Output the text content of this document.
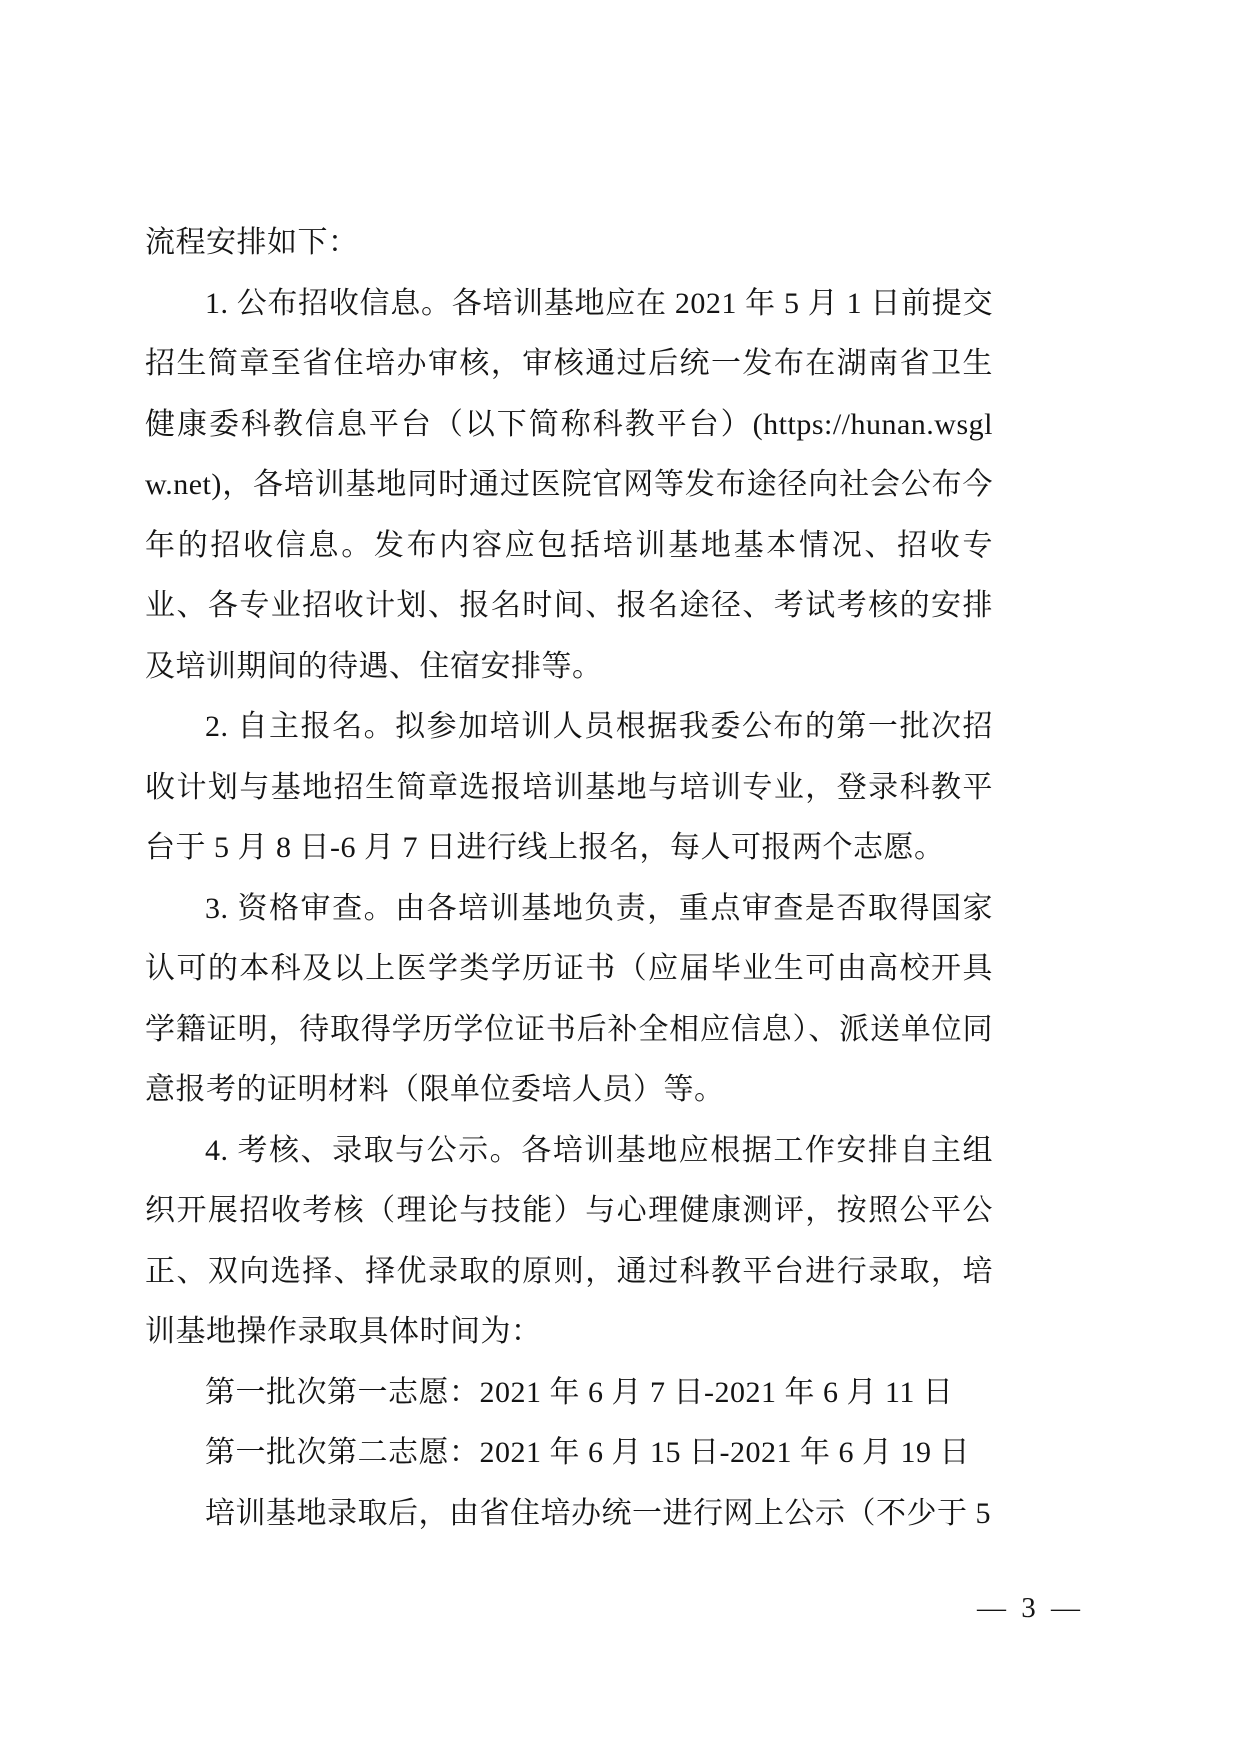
流程安排如下：

1. 公布招收信息。各培训基地应在 2021 年 5 月 1 日前提交招生简章至省住培办审核，审核通过后统一发布在湖南省卫生健康委科教信息平台（以下简称科教平台）(https://hunan.wsglw.net)，各培训基地同时通过医院官网等发布途径向社会公布今年的招收信息。发布内容应包括培训基地基本情况、招收专业、各专业招收计划、报名时间、报名途径、考试考核的安排及培训期间的待遇、住宿安排等。

2. 自主报名。拟参加培训人员根据我委公布的第一批次招收计划与基地招生简章选报培训基地与培训专业，登录科教平台于 5 月 8 日-6 月 7 日进行线上报名，每人可报两个志愿。

3. 资格审查。由各培训基地负责，重点审查是否取得国家认可的本科及以上医学类学历证书（应届毕业生可由高校开具学籍证明，待取得学历学位证书后补全相应信息）、派送单位同意报考的证明材料（限单位委培人员）等。

4. 考核、录取与公示。各培训基地应根据工作安排自主组织开展招收考核（理论与技能）与心理健康测评，按照公平公正、双向选择、择优录取的原则，通过科教平台进行录取，培训基地操作录取具体时间为：

第一批次第一志愿：2021 年 6 月 7 日-2021 年 6 月 11 日

第一批次第二志愿：2021 年 6 月 15 日-2021 年 6 月 19 日

培训基地录取后，由省住培办统一进行网上公示（不少于 5

— 3 —
